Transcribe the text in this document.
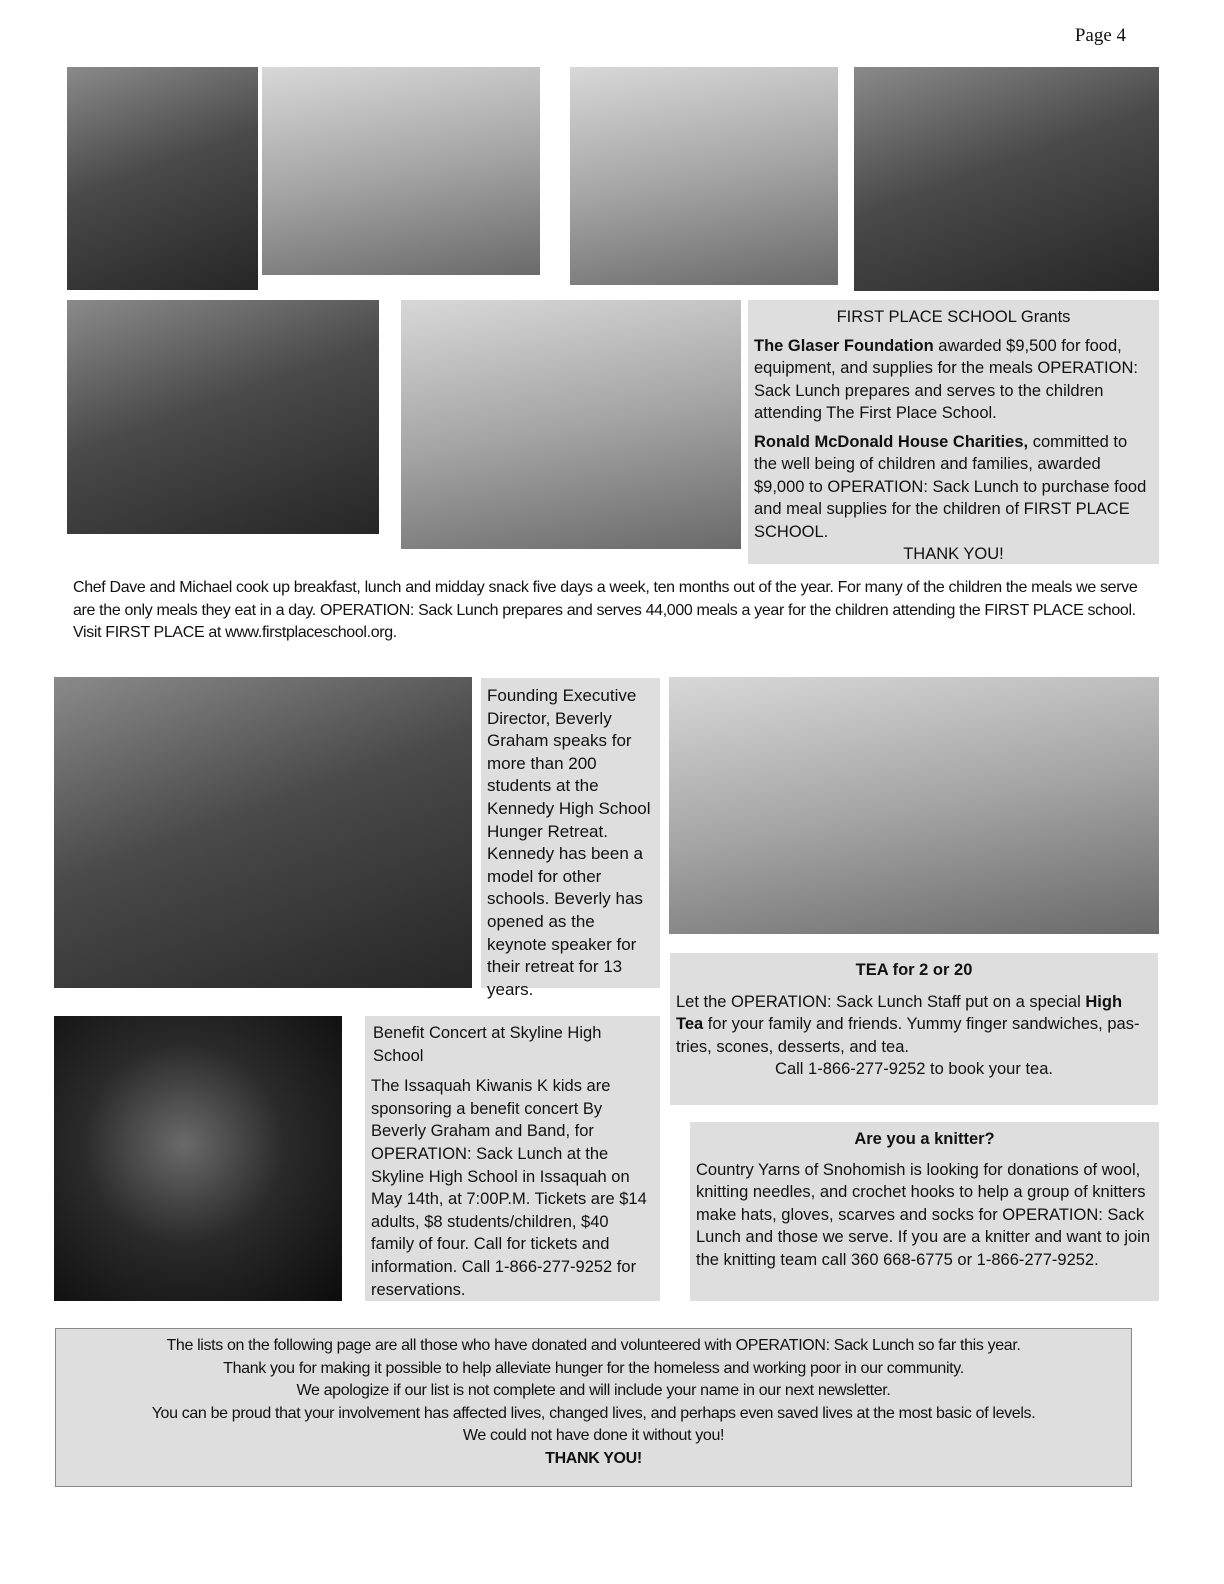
Page 4

FIRST PLACE SCHOOL Grants

The Glaser Foundation awarded $9,500 for food, equipment, and supplies for the meals OPERATION: Sack Lunch prepares and serves to the children attending The First Place School.

Ronald McDonald House Charities, committed to the well being of children and families, awarded $9,000 to OPERATION: Sack Lunch to purchase food and meal supplies for the children of FIRST PLACE SCHOOL.

THANK YOU!

Chef Dave and Michael cook up breakfast, lunch and midday snack five days a week, ten months out of the year. For many of the children the meals we serve are the only meals they eat in a day. OPERATION: Sack Lunch prepares and serves 44,000 meals a year for the children attending the FIRST PLACE school. Visit FIRST PLACE at www.firstplaceschool.org.
Founding Executive Director, Beverly Graham speaks for more than 200 students at the Kennedy High School Hunger Retreat. Kennedy has been a model for other schools. Beverly has opened as the keynote speaker for their retreat for 13 years.

TEA for 2 or 20

Let the OPERATION: Sack Lunch Staff put on a special High Tea for your family and friends. Yummy finger sandwiches, pas-tries, scones, desserts, and tea.

Call 1-866-277-9252 to book your tea.

Benefit Concert at Skyline High School

The Issaquah Kiwanis K kids are sponsoring a benefit concert By Beverly Graham and Band, for OPERATION: Sack Lunch at the Skyline High School in Issaquah on May 14th, at 7:00P.M. Tickets are $14 adults, $8 students/children, $40 family of four. Call for tickets and information. Call 1-866-277-9252 for reservations.

Are you a knitter?

Country Yarns of Snohomish is looking for donations of wool, knitting needles, and crochet hooks to help a group of knitters make hats, gloves, scarves and socks for OPERATION: Sack Lunch and those we serve. If you are a knitter and want to join the knitting team call 360 668-6775 or 1-866-277-9252.

The lists on the following page are all those who have donated and volunteered with OPERATION: Sack Lunch so far this year.
Thank you for making it possible to help alleviate hunger for the homeless and working poor in our community.
We apologize if our list is not complete and will include your name in our next newsletter.
You can be proud that your involvement has affected lives, changed lives, and perhaps even saved lives at the most basic of levels.
We could not have done it without you!
THANK YOU!
